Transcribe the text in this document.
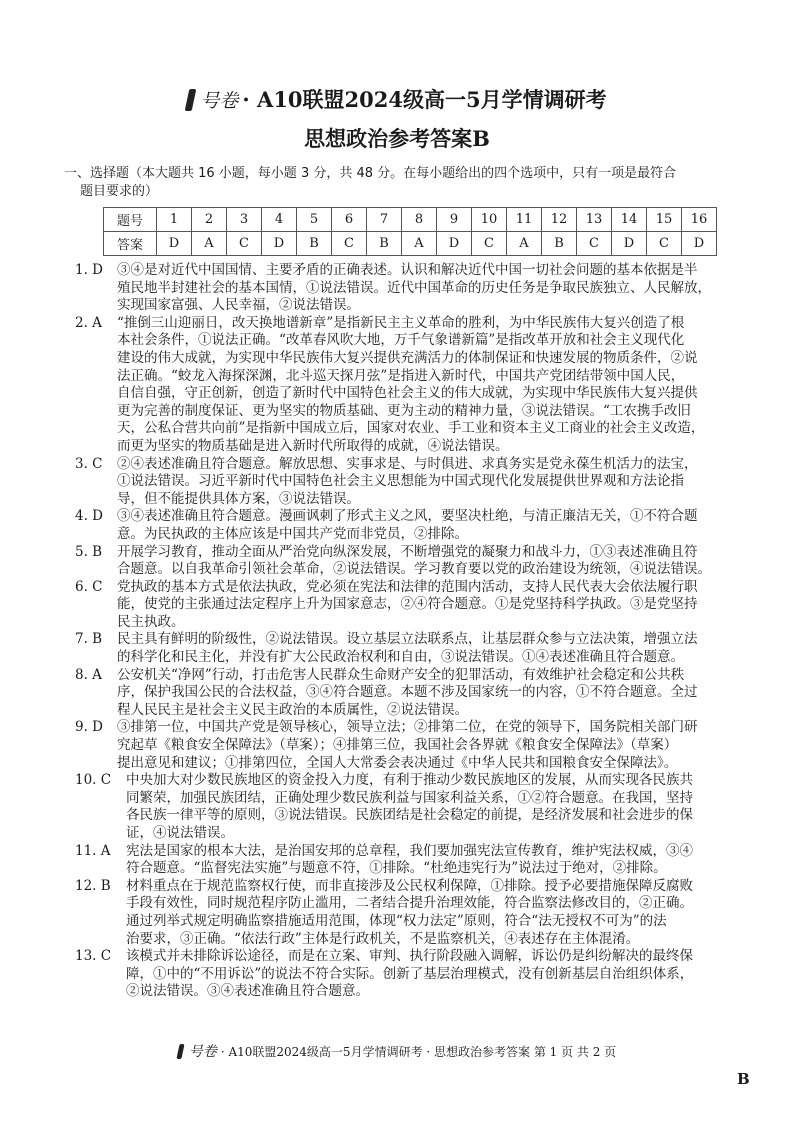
号卷 · A10联盟2024级高一5月学情调研考
思想政治参考答案B
一、选择题（本大题共 16 小题，每小题 3 分，共 48 分。在每小题给出的四个选项中，只有一项是最符合
题目要求的）
题号	1	2	3	4	5	6	7	8	9	10	11	12	13	14	15	16
答案	D	A	C	D	B	C	B	A	D	C	A	B	C	D	C	D
1. D ③④是对近代中国国情、主要矛盾的正确表述。认识和解决近代中国一切社会问题的基本依据是半
殖民地半封建社会的基本国情，①说法错误。近代中国革命的历史任务是争取民族独立、人民解放，
实现国家富强、人民幸福，②说法错误。
2. A “推倒三山迎丽日，改天换地谱新章”是指新民主主义革命的胜利，为中华民族伟大复兴创造了根
本社会条件，①说法正确。“改革春风吹大地，万千气象谱新篇”是指改革开放和社会主义现代化
建设的伟大成就，为实现中华民族伟大复兴提供充满活力的体制保证和快速发展的物质条件，②说
法正确。“蛟龙入海探深渊，北斗巡天探月弦”是指进入新时代，中国共产党团结带领中国人民，
自信自强，守正创新，创造了新时代中国特色社会主义的伟大成就，为实现中华民族伟大复兴提供
更为完善的制度保证、更为坚实的物质基础、更为主动的精神力量，③说法错误。“工农携手改旧
天，公私合营共向前”是指新中国成立后，国家对农业、手工业和资本主义工商业的社会主义改造，
而更为坚实的物质基础是进入新时代所取得的成就，④说法错误。
3. C ②④表述准确且符合题意。解放思想、实事求是、与时俱进、求真务实是党永葆生机活力的法宝，
①说法错误。习近平新时代中国特色社会主义思想能为中国式现代化发展提供世界观和方法论指
导，但不能提供具体方案，③说法错误。
4. D ③④表述准确且符合题意。漫画讽刺了形式主义之风，要坚决杜绝，与清正廉洁无关，①不符合题
意。为民执政的主体应该是中国共产党而非党员，②排除。
5. B 开展学习教育，推动全面从严治党向纵深发展，不断增强党的凝聚力和战斗力，①③表述准确且符
合题意。以自我革命引领社会革命，②说法错误。学习教育要以党的政治建设为统领，④说法错误。
6. C 党执政的基本方式是依法执政，党必须在宪法和法律的范围内活动，支持人民代表大会依法履行职
能，使党的主张通过法定程序上升为国家意志，②④符合题意。①是党坚持科学执政。③是党坚持
民主执政。
7. B 民主具有鲜明的阶级性，②说法错误。设立基层立法联系点，让基层群众参与立法决策，增强立法
的科学化和民主化，并没有扩大公民政治权利和自由，③说法错误。①④表述准确且符合题意。
8. A 公安机关“净网”行动，打击危害人民群众生命财产安全的犯罪活动，有效维护社会稳定和公共秩
序，保护我国公民的合法权益，③④符合题意。本题不涉及国家统一的内容，①不符合题意。全过
程人民民主是社会主义民主政治的本质属性，②说法错误。
9. D ③排第一位，中国共产党是领导核心，领导立法；②排第二位，在党的领导下，国务院相关部门研
究起草《粮食安全保障法》（草案）；④排第三位，我国社会各界就《粮食安全保障法》（草案）
提出意见和建议；①排第四位，全国人大常委会表决通过《中华人民共和国粮食安全保障法》。
10. C 中央加大对少数民族地区的资金投入力度，有利于推动少数民族地区的发展，从而实现各民族共
同繁荣，加强民族团结，正确处理少数民族利益与国家利益关系，①②符合题意。在我国，坚持
各民族一律平等的原则，③说法错误。民族团结是社会稳定的前提，是经济发展和社会进步的保
证，④说法错误。
11. A 宪法是国家的根本大法，是治国安邦的总章程，我们要加强宪法宣传教育，维护宪法权威，③④
符合题意。“监督宪法实施”与题意不符，①排除。“杜绝违宪行为”说法过于绝对，②排除。
12. B 材料重点在于规范监察权行使，而非直接涉及公民权利保障，①排除。授予必要措施保障反腐败
手段有效性，同时规范程序防止滥用，二者结合提升治理效能，符合监察法修改目的，②正确。
通过列举式规定明确监察措施适用范围，体现“权力法定”原则，符合“法无授权不可为”的法
治要求，③正确。“依法行政”主体是行政机关，不是监察机关，④表述存在主体混淆。
13. C 该模式并未排除诉讼途径，而是在立案、审判、执行阶段融入调解，诉讼仍是纠纷解决的最终保
障，①中的“不用诉讼”的说法不符合实际。创新了基层治理模式，没有创新基层自治组织体系，
②说法错误。③④表述准确且符合题意。
号卷 · A10联盟2024级高一5月学情调研考 · 思想政治参考答案 第 1 页 共 2 页
B
